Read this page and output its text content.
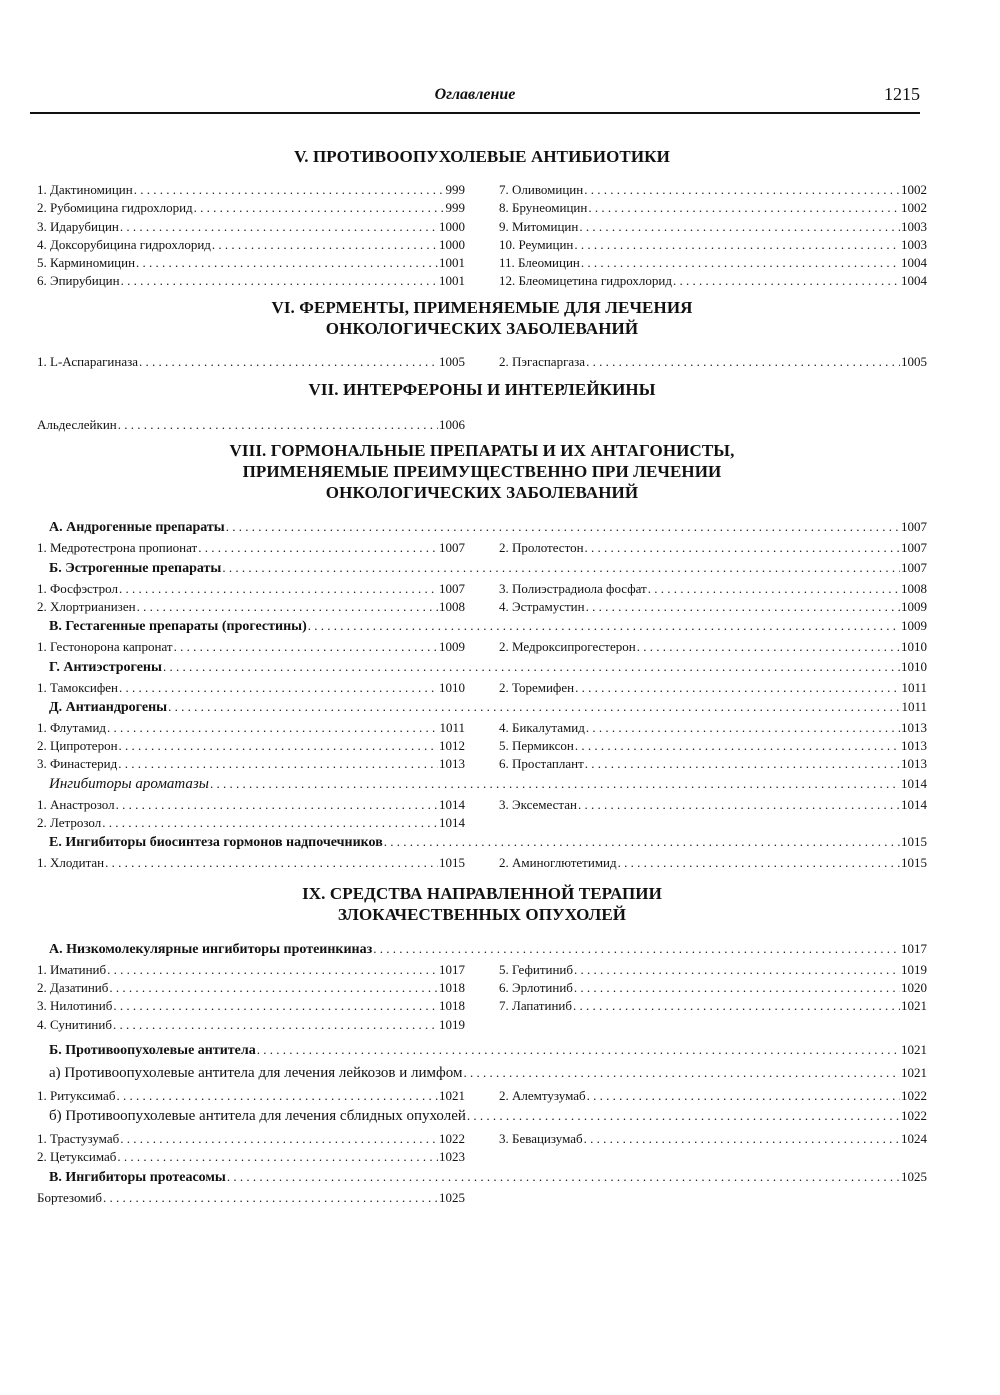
Оглавление	1215
V. ПРОТИВООПУХОЛЕВЫЕ АНТИБИОТИКИ
1. Дактиномицин . . .	999
2. Рубомицина гидрохлорид . . .	999
3. Идарубицин . . .	1000
4. Доксорубицина гидрохлорид . . .	1000
5. Карминомицин . . .	1001
6. Эпирубицин . . .	1001
7. Оливомицин . . .	1002
8. Брунеомицин . . .	1002
9. Митомицин . . .	1003
10. Реумицин . . .	1003
11. Блеомицин . . .	1004
12. Блеомицетина гидрохлорид . . .	1004
VI. ФЕРМЕНТЫ, ПРИМЕНЯЕМЫЕ ДЛЯ ЛЕЧЕНИЯ
ОНКОЛОГИЧЕСКИХ ЗАБОЛЕВАНИЙ
1. L-Аспарагиназа . . .	1005	2. Пэгаспаргаза . . .	1005
VII. ИНТЕРФЕРОНЫ И ИНТЕРЛЕЙКИНЫ
Альдеслейкин . . .	1006
VIII. ГОРМОНАЛЬНЫЕ ПРЕПАРАТЫ И ИХ АНТАГОНИСТЫ,
ПРИМЕНЯЕМЫЕ ПРЕИМУЩЕСТВЕННО ПРИ ЛЕЧЕНИИ
ОНКОЛОГИЧЕСКИХ ЗАБОЛЕВАНИЙ
А. Андрогенные препараты . . .	1007
1. Медротестрона пропионат . . .	1007	2. Пролотестон . . .	1007
Б. Эстрогенные препараты . . .	1007
1. Фосфэстрол . . .	1007
2. Хлортрианизен . . .	1008
3. Полиэстрадиола фосфат . . .	1008
4. Эстрамустин . . .	1009
В. Гестагенные препараты (прогестины) . . .	1009
1. Гестонорона капронат . . .	1009	2. Медроксипрогестерон . . .	1010
Г. Антиэстрогены . . .	1010
1. Тамоксифен . . .	1010	2. Торемифен . . .	1011
Д. Антиандрогены . . .	1011
1. Флутамид . . .	1011
2. Ципротерон . . .	1012
3. Финастерид . . .	1013
4. Бикалутамид . . .	1013
5. Пермиксон . . .	1013
6. Простаплант . . .	1013
Ингибиторы ароматазы . . .	1014
1. Анастрозол . . .	1014
2. Летрозол . . .	1014
3. Эксеместан . . .	1014
Е. Ингибиторы биосинтеза гормонов надпочечников . . .	1015
1. Хлодитан . . .	1015	2. Аминоглютетимид . . .	1015
IX. СРЕДСТВА НАПРАВЛЕННОЙ ТЕРАПИИ
ЗЛОКАЧЕСТВЕННЫХ ОПУХОЛЕЙ
А. Низкомолекулярные ингибиторы протеинкиназ . . .	1017
1. Иматиниб . . .	1017
2. Дазатиниб . . .	1018
3. Нилотиниб . . .	1018
4. Сунитиниб . . .	1019
5. Гефитиниб . . .	1019
6. Эрлотиниб . . .	1020
7. Лапатиниб . . .	1021
Б. Противоопухолевые антитела . . .	1021
а) Противоопухолевые антитела для лечения лейкозов и лимфом . . .	1021
1. Ритуксимаб . . .	1021	2. Алемтузумаб . . .	1022
б) Противоопухолевые антитела для лечения сблидных опухолей . . .	1022
1. Трастузумаб . . .	1022
2. Цетуксимаб . . .	1023
3. Бевацизумаб . . .	1024
В. Ингибиторы протеасомы . . .	1025
Бортезомиб . . .	1025
